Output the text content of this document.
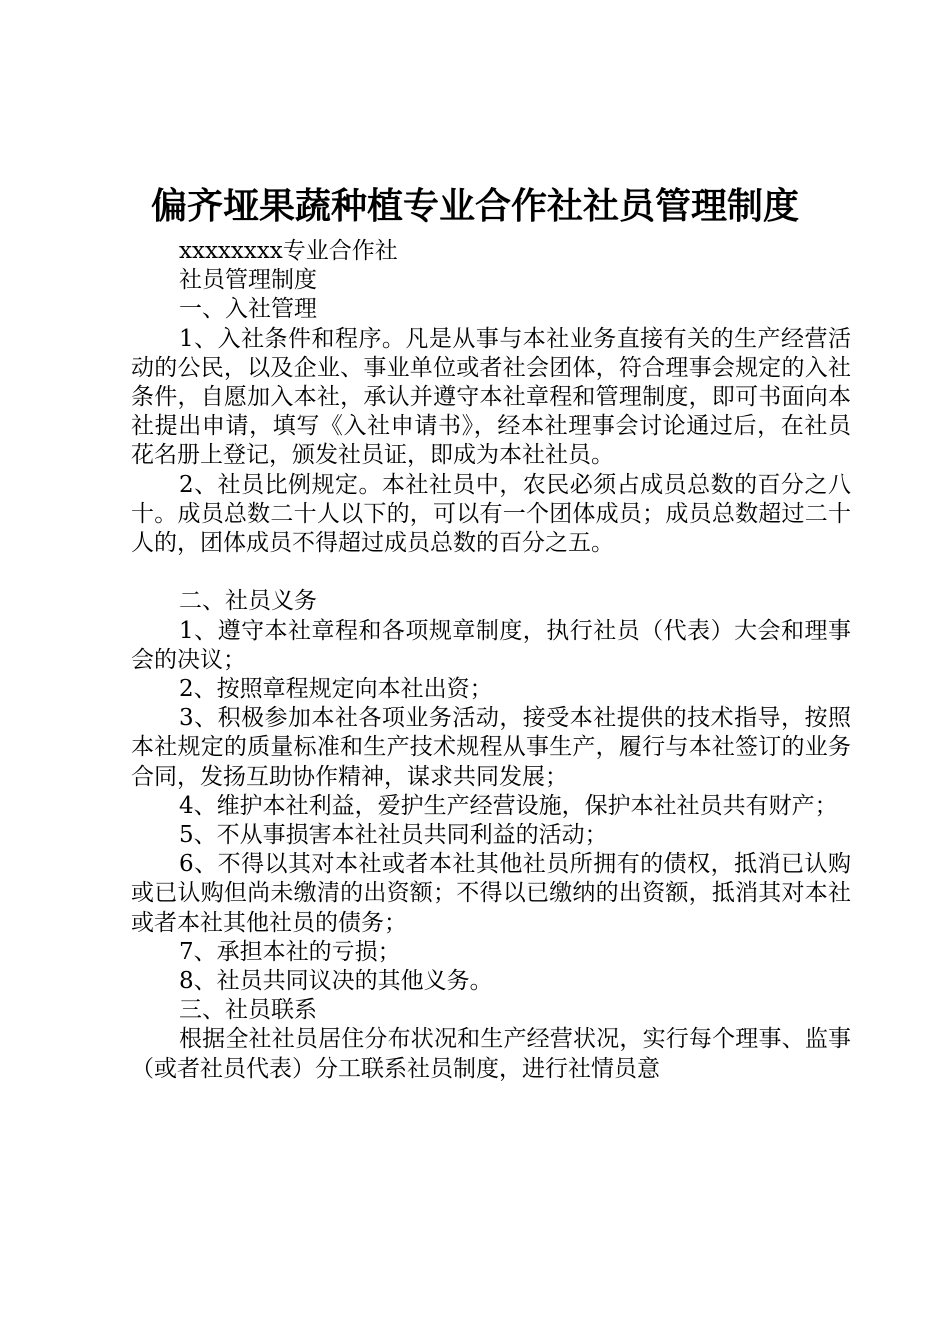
偏齐垭果蔬种植专业合作社社员管理制度

xxxxxxxx专业合作社

社员管理制度

一、入社管理

1、入社条件和程序。凡是从事与本社业务直接有关的生产经营活动的公民，以及企业、事业单位或者社会团体，符合理事会规定的入社条件，自愿加入本社，承认并遵守本社章程和管理制度，即可书面向本社提出申请，填写《入社申请书》，经本社理事会讨论通过后，在社员花名册上登记，颁发社员证，即成为本社社员。

2、社员比例规定。本社社员中，农民必须占成员总数的百分之八十。成员总数二十人以下的，可以有一个团体成员；成员总数超过二十人的，团体成员不得超过成员总数的百分之五。

二、社员义务

1、遵守本社章程和各项规章制度，执行社员（代表）大会和理事会的决议；

2、按照章程规定向本社出资；

3、积极参加本社各项业务活动，接受本社提供的技术指导，按照本社规定的质量标准和生产技术规程从事生产，履行与本社签订的业务合同，发扬互助协作精神，谋求共同发展；

4、维护本社利益，爱护生产经营设施，保护本社社员共有财产；

5、不从事损害本社社员共同利益的活动；

6、不得以其对本社或者本社其他社员所拥有的债权，抵消已认购或已认购但尚未缴清的出资额；不得以已缴纳的出资额，抵消其对本社或者本社其他社员的债务；

7、承担本社的亏损；

8、社员共同议决的其他义务。

三、社员联系

根据全社社员居住分布状况和生产经营状况，实行每个理事、监事（或者社员代表）分工联系社员制度，进行社情员意
